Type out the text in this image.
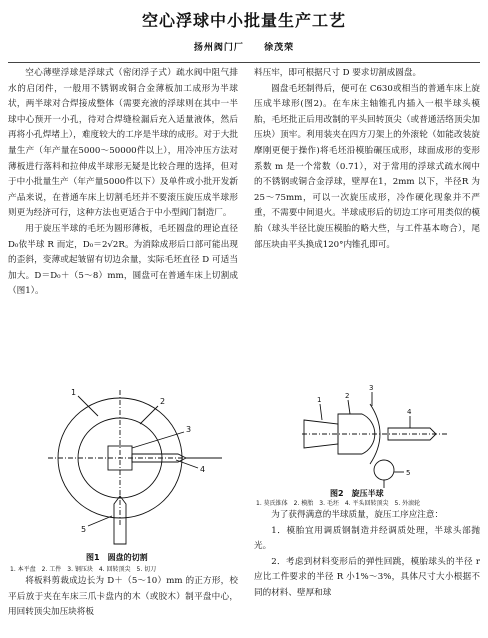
空心浮球中小批量生产工艺
扬州阀门厂 徐茂荣

空心薄壁浮球是浮球式（密闭浮子式）疏水阀中阻气排水的启闭件，一般用不锈钢或铜合金薄板加工成形为半球状，两半球对合焊接成整体（需要充液的浮球则在其中一半球中心预开一小孔，待对合焊缝检漏后充入适量液体，然后再将小孔焊堵上），难度较大的工序是半球的成形。对于大批量生产（年产量在5000～50000件以上），用冷冲压方法对薄板进行落料和拉伸成半球形无疑是比较合理的选择，但对于中小批量生产（年产量5000件以下）及单件或小批开发新产品来说，在普通车床上切割毛坯并不要滚压旋压成半球形则更为经济可行，这种方法也更适合于中小型阀门制造厂。

用于旋压半球的毛坯为圆形薄板，毛坯圆盘的理论直径 D₀依半球 R 而定，D₀＝2√2R。为消除成形后口部可能出现的歪斜，变薄或起皱留有切边余量，实际毛坯直径 D 可适当加大。D＝D₀＋（5～8）mm，圆盘可在普通车床上切割成（图1）。

1
2
3
4
5
图1　圆盘的切割
1. 本平盘　2. 工件　3. 钢压块　4. 回转顶尖　5. 切刀

将板料剪裁成边长为 D＋（5～10）mm 的正方形，校平后放于夹在车床三爪卡盘内的木（或胶木）制平盘中心，用回转顶尖加压块将板

料压牢，即可根据尺寸 D 要求切割成圆盘。

圆盘毛坯制得后，便可在 C630或相当的普通车床上旋压成半球形(图2)。在车床主轴锥孔内插入一根半球头模胎，毛坯批正后用改制的平头回转顶尖（或普通活络顶尖加压块）顶牢。利用装夹在四方刀架上的外滚轮（如能改装旋摩刚更便于操作)将毛坯沿模胎碾压成形，球面成形的变形系数 m 是一个常数（0.71），对于常用的浮球式疏水阀中的不锈钢或铜合金浮球，壁厚在1，2mm 以下，半径R 为25～75mm，可以一次旋压成形，冷作硬化现象并不严重，不需要中间退火。半球成形后的切边工序可用类似的模胎（球头半径比旋压模胎的略大些，与工件基本吻合），尾部压块由平头换成120°内锥孔即可。

1	2
3
4
5
图2　旋压半球
1. 莫氏锥体　2. 模胎　3. 毛坯　4. 平头回转顶尖　5. 外滚轮

为了获得满意的半球质量，旋压工序应注意：

1．模胎宜用调质钢制造并经调质处理，半球头部抛光。

2．考虑到材料变形后的弹性回跳，模胎球头的半径 r 应比工件要求的半径 R 小1%～3%，具体尺寸大小根据不同的材料、壁厚和球
